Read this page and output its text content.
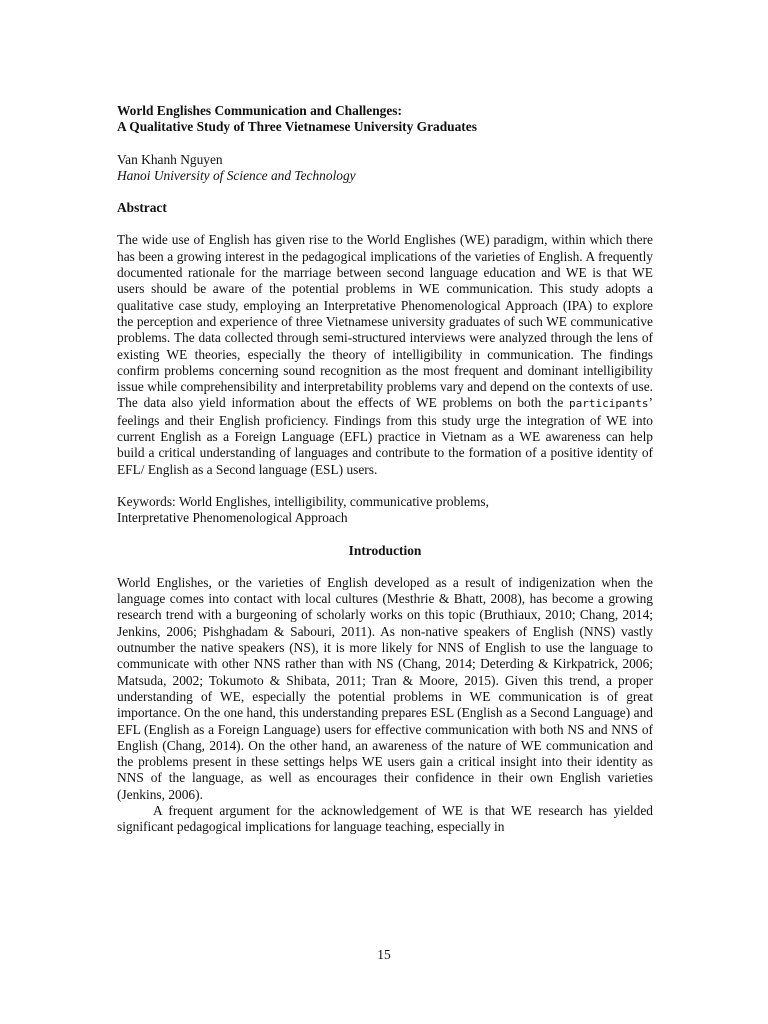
World Englishes Communication and Challenges:
A Qualitative Study of Three Vietnamese University Graduates
Van Khanh Nguyen
Hanoi University of Science and Technology
Abstract

The wide use of English has given rise to the World Englishes (WE) paradigm, within which there has been a growing interest in the pedagogical implications of the varieties of English. A frequently documented rationale for the marriage between second language education and WE is that WE users should be aware of the potential problems in WE communication. This study adopts a qualitative case study, employing an Interpretative Phenomenological Approach (IPA) to explore the perception and experience of three Vietnamese university graduates of such WE communicative problems. The data collected through semi-structured interviews were analyzed through the lens of existing WE theories, especially the theory of intelligibility in communication. The findings confirm problems concerning sound recognition as the most frequent and dominant intelligibility issue while comprehensibility and interpretability problems vary and depend on the contexts of use. The data also yield information about the effects of WE problems on both the participants’ feelings and their English proficiency. Findings from this study urge the integration of WE into current English as a Foreign Language (EFL) practice in Vietnam as a WE awareness can help build a critical understanding of languages and contribute to the formation of a positive identity of EFL/ English as a Second language (ESL) users.

Keywords: World Englishes, intelligibility, communicative problems,
Interpretative Phenomenological Approach
Introduction

World Englishes, or the varieties of English developed as a result of indigenization when the language comes into contact with local cultures (Mesthrie & Bhatt, 2008), has become a growing research trend with a burgeoning of scholarly works on this topic (Bruthiaux, 2010; Chang, 2014; Jenkins, 2006; Pishghadam & Sabouri, 2011). As non-native speakers of English (NNS) vastly outnumber the native speakers (NS), it is more likely for NNS of English to use the language to communicate with other NNS rather than with NS (Chang, 2014; Deterding & Kirkpatrick, 2006; Matsuda, 2002; Tokumoto & Shibata, 2011; Tran & Moore, 2015). Given this trend, a proper understanding of WE, especially the potential problems in WE communication is of great importance. On the one hand, this understanding prepares ESL (English as a Second Language) and EFL (English as a Foreign Language) users for effective communication with both NS and NNS of English (Chang, 2014). On the other hand, an awareness of the nature of WE communication and the problems present in these settings helps WE users gain a critical insight into their identity as NNS of the language, as well as encourages their confidence in their own English varieties (Jenkins, 2006).

A frequent argument for the acknowledgement of WE is that WE research has yielded significant pedagogical implications for language teaching, especially in

15
